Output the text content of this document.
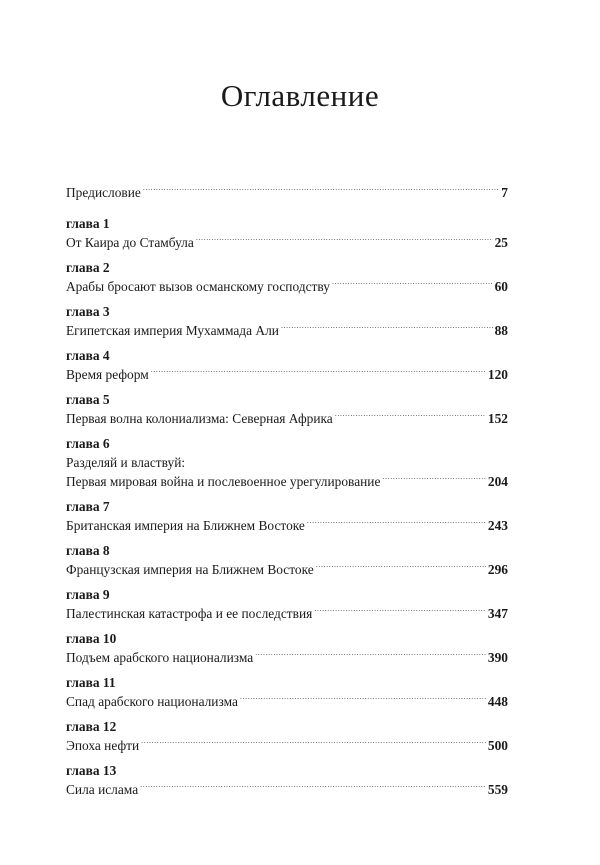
Оглавление
Предисловие .....	7
глава 1
От Каира до Стамбула .....	25
глава 2
Арабы бросают вызов османскому господству .....	60
глава 3
Египетская империя Мухаммада Али .....	88
глава 4
Время реформ .....	120
глава 5
Первая волна колониализма: Северная Африка .....	152
глава 6
Разделяй и властвуй:
Первая мировая война и послевоенное урегулирование .....	204
глава 7
Британская империя на Ближнем Востоке .....	243
глава 8
Французская империя на Ближнем Востоке .....	296
глава 9
Палестинская катастрофа и ее последствия .....	347
глава 10
Подъем арабского национализма .....	390
глава 11
Спад арабского национализма .....	448
глава 12
Эпоха нефти .....	500
глава 13
Сила ислама .....	559
